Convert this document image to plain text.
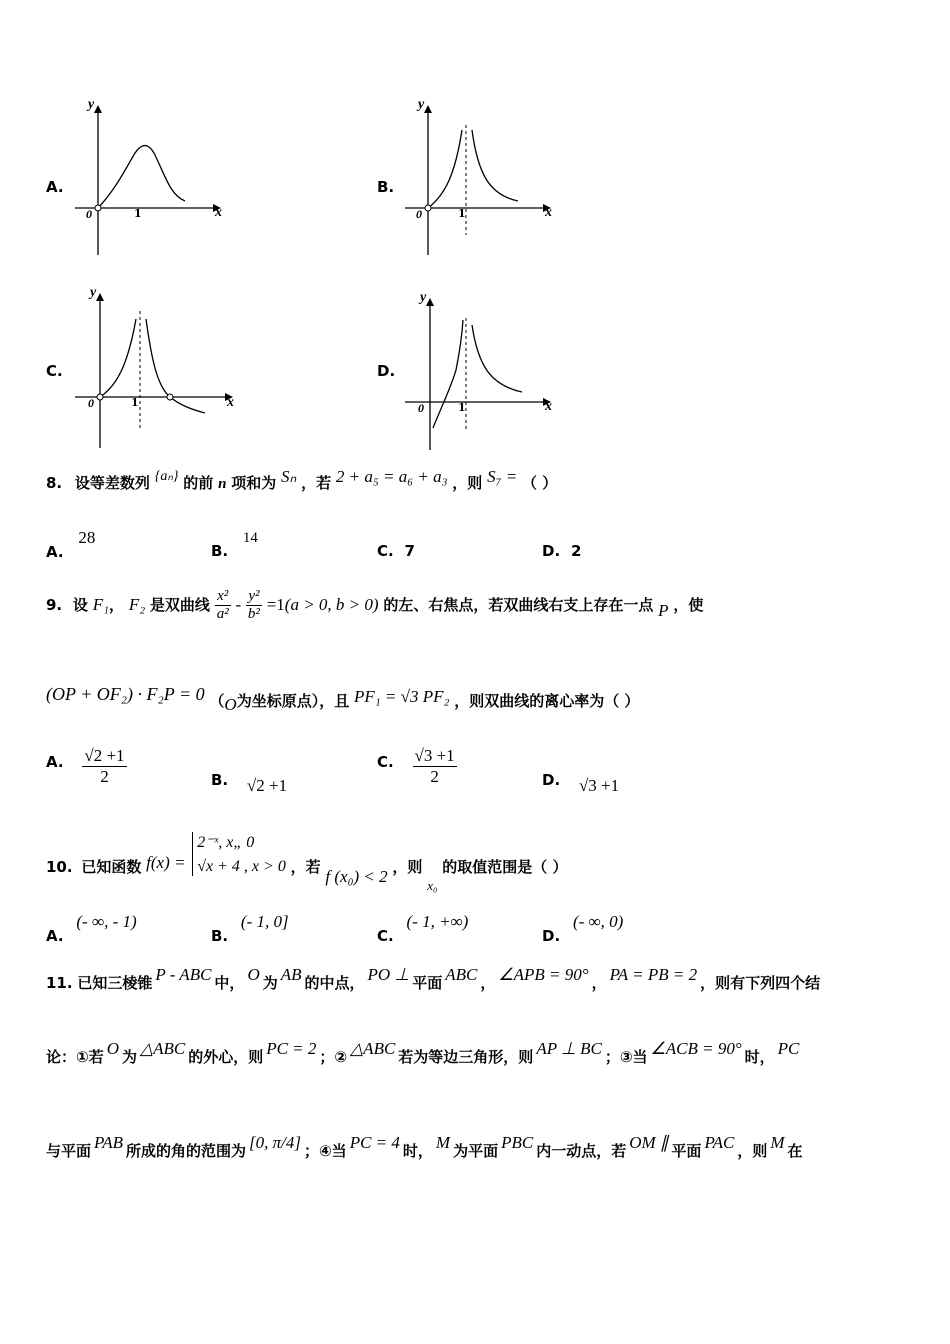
A.
y
x
0	1
B.
y
x
0	1
C.
y
x
0	1
D.
y
x
0	1
8. 设等差数列 {aₙ} 的前 n 项和为 Sₙ ，若 2 + a₅ = a₆ + a₃ ，则 S₇ = （ ）
A. 28
B. 14
C. 7	D. 2
9. 设 F₁， F₂ 是双曲线 $\frac{\text{x²}}{\text{a²}} - \frac{\text{y²}}{\text{b²}} =1(a > 0$, b > 0) 的左、右焦点，若双曲线右支上存在一点 P ，使
(OP + OF₂) · F₂P = 0 （O为坐标原点），且 PF₁ = √3 PF₂ ，则双曲线的离心率为（ ）
A. $\frac{√2 +1}{2}$	B. √2 +1
C. $\frac{√3 +1}{2}$	D. √3 +1
10. 已知函数 f(x) =
2⁻ˣ, x„ 0
√x + 4 , x > 0 ，若 f (x₀) < 2 ，则 x₀ 的取值范围是（ ）
A. (- ∞, - 1)
B. (- 1, 0]
C. (- 1, +∞)
D. (- ∞, 0)
11. 已知三棱锥 P - ABC 中， O 为 AB 的中点， PO ⊥ 平面 ABC ， ∠APB = 90° ， PA = PB = 2 ，则有下列四个结
论：①若 O 为 △ABC 的外心，则 PC = 2 ；② △ABC 若为等边三角形，则 AP ⊥ BC ；③当 ∠ACB = 90° 时， PC
与平面 PAB 所成的角的范围为 [0, π/4] ；④当 PC = 4 时， M 为平面 PBC 内一动点，若 OM ∥ 平面 PAC ，则 M 在
